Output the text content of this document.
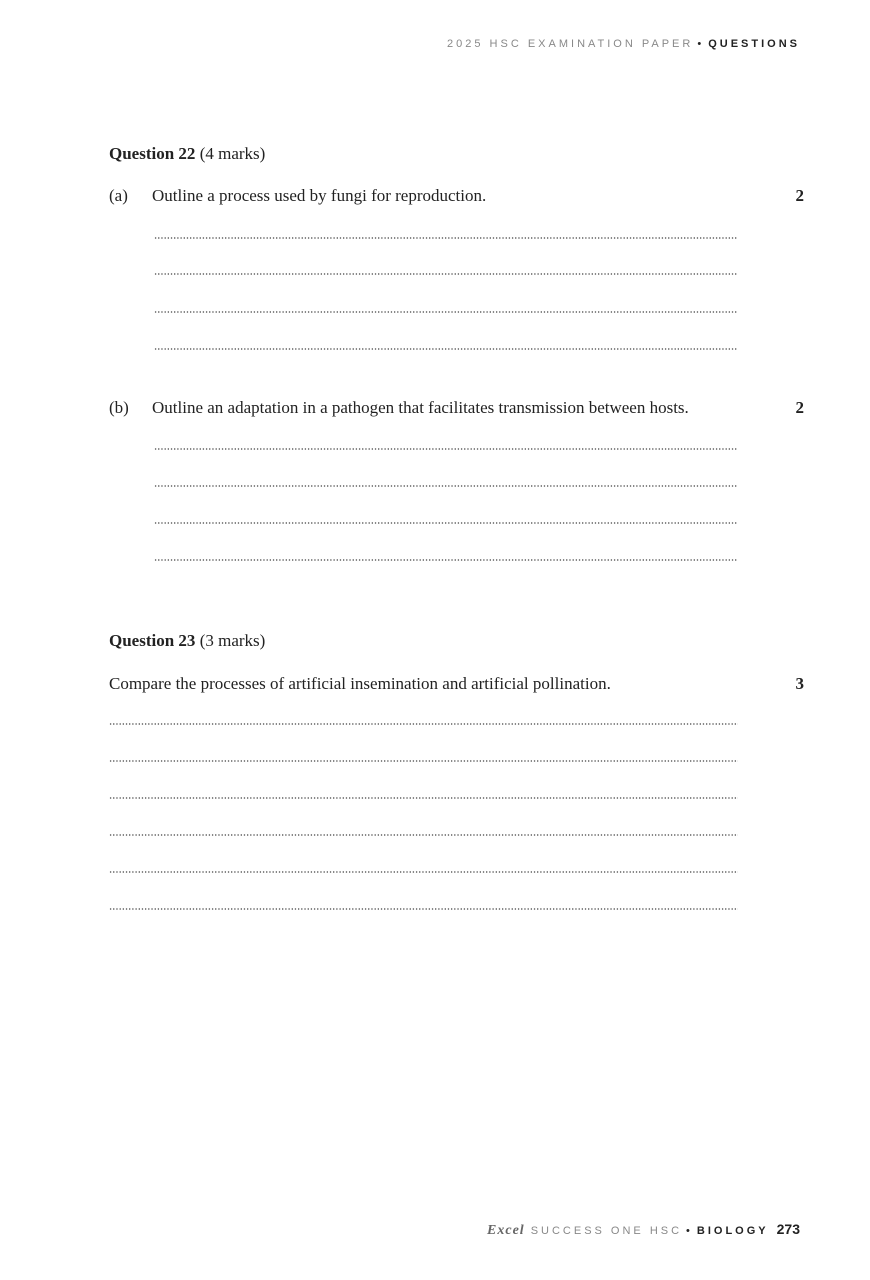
2025 HSC EXAMINATION PAPER • QUESTIONS
Question 22 (4 marks)
(a) Outline a process used by fungi for reproduction.	2
(b) Outline an adaptation in a pathogen that facilitates transmission between hosts.	2
Question 23 (3 marks)
Compare the processes of artificial insemination and artificial pollination.	3
Excel SUCCESS ONE HSC • BIOLOGY 273
